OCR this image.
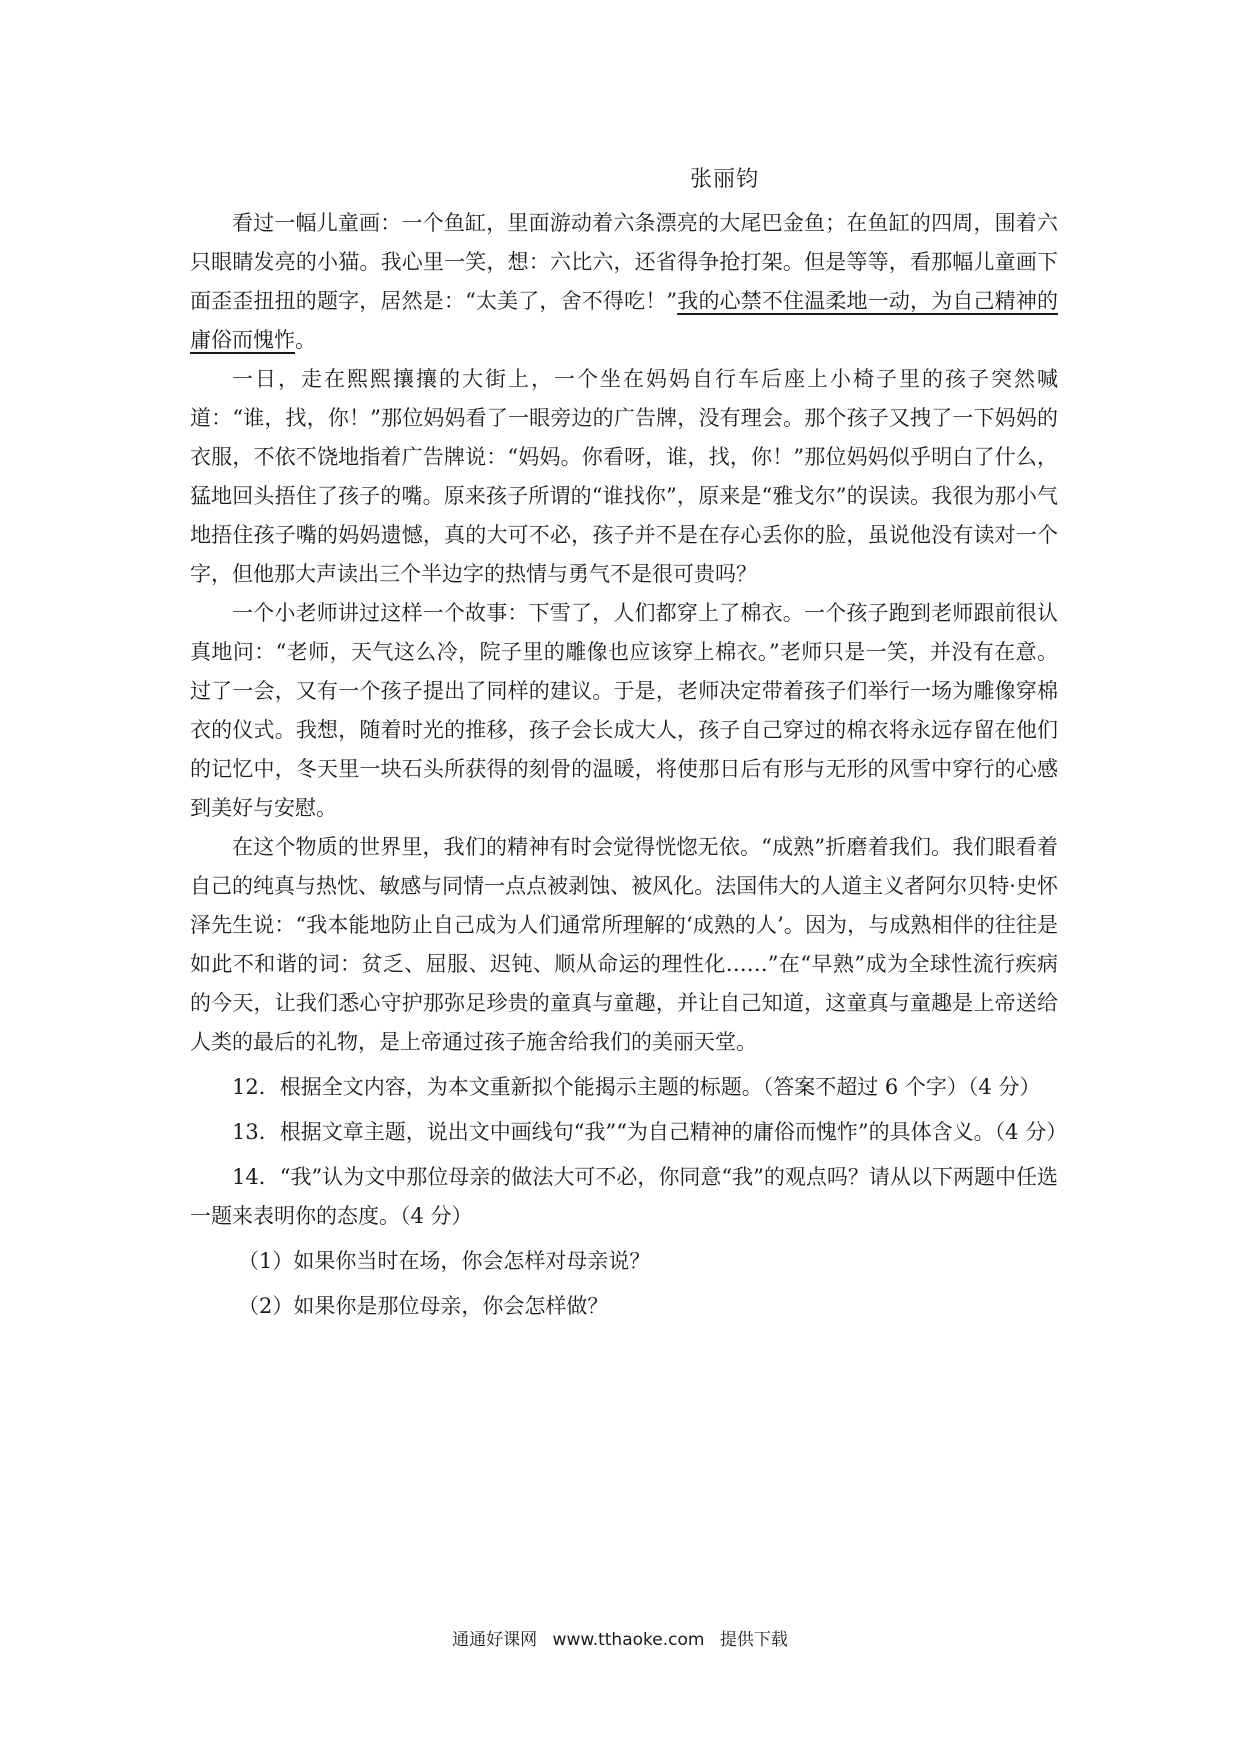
张丽钧

看过一幅儿童画：一个鱼缸，里面游动着六条漂亮的大尾巴金鱼；在鱼缸的四周，围着六只眼睛发亮的小猫。我心里一笑，想：六比六，还省得争抢打架。但是等等，看那幅儿童画下面歪歪扭扭的题字，居然是：“太美了，舍不得吃！”我的心禁不住温柔地一动，为自己精神的庸俗而愧怍。

一日，走在熙熙攘攘的大街上，一个坐在妈妈自行车后座上小椅子里的孩子突然喊道：“谁，找，你！”那位妈妈看了一眼旁边的广告牌，没有理会。那个孩子又拽了一下妈妈的衣服，不依不饶地指着广告牌说：“妈妈。你看呀，谁，找，你！”那位妈妈似乎明白了什么，猛地回头捂住了孩子的嘴。原来孩子所谓的“谁找你”，原来是“雅戈尔”的误读。我很为那小气地捂住孩子嘴的妈妈遗憾，真的大可不必，孩子并不是在存心丢你的脸，虽说他没有读对一个字，但他那大声读出三个半边字的热情与勇气不是很可贵吗？

一个小老师讲过这样一个故事：下雪了，人们都穿上了棉衣。一个孩子跑到老师跟前很认真地问：“老师，天气这么冷，院子里的雕像也应该穿上棉衣。”老师只是一笑，并没有在意。过了一会，又有一个孩子提出了同样的建议。于是，老师决定带着孩子们举行一场为雕像穿棉衣的仪式。我想，随着时光的推移，孩子会长成大人，孩子自己穿过的棉衣将永远存留在他们的记忆中，冬天里一块石头所获得的刻骨的温暖，将使那日后有形与无形的风雪中穿行的心感到美好与安慰。

在这个物质的世界里，我们的精神有时会觉得恍惚无依。“成熟”折磨着我们。我们眼看着自己的纯真与热忱、敏感与同情一点点被剥蚀、被风化。法国伟大的人道主义者阿尔贝特·史怀泽先生说：“我本能地防止自己成为人们通常所理解的‘成熟的人’。因为，与成熟相伴的往往是如此不和谐的词：贫乏、屈服、迟钝、顺从命运的理性化……”在“早熟”成为全球性流行疾病的今天，让我们悉心守护那弥足珍贵的童真与童趣，并让自己知道，这童真与童趣是上帝送给人类的最后的礼物，是上帝通过孩子施舍给我们的美丽天堂。

12．根据全文内容，为本文重新拟个能揭示主题的标题。（答案不超过 6 个字）（4 分）

13．根据文章主题，说出文中画线句“我”“为自己精神的庸俗而愧怍”的具体含义。（4 分）

14．“我”认为文中那位母亲的做法大可不必，你同意“我”的观点吗？请从以下两题中任选一题来表明你的态度。（4 分）

（1）如果你当时在场，你会怎样对母亲说？

（2）如果你是那位母亲，你会怎样做？

通通好课网 www.tthaoke.com 提供下载
